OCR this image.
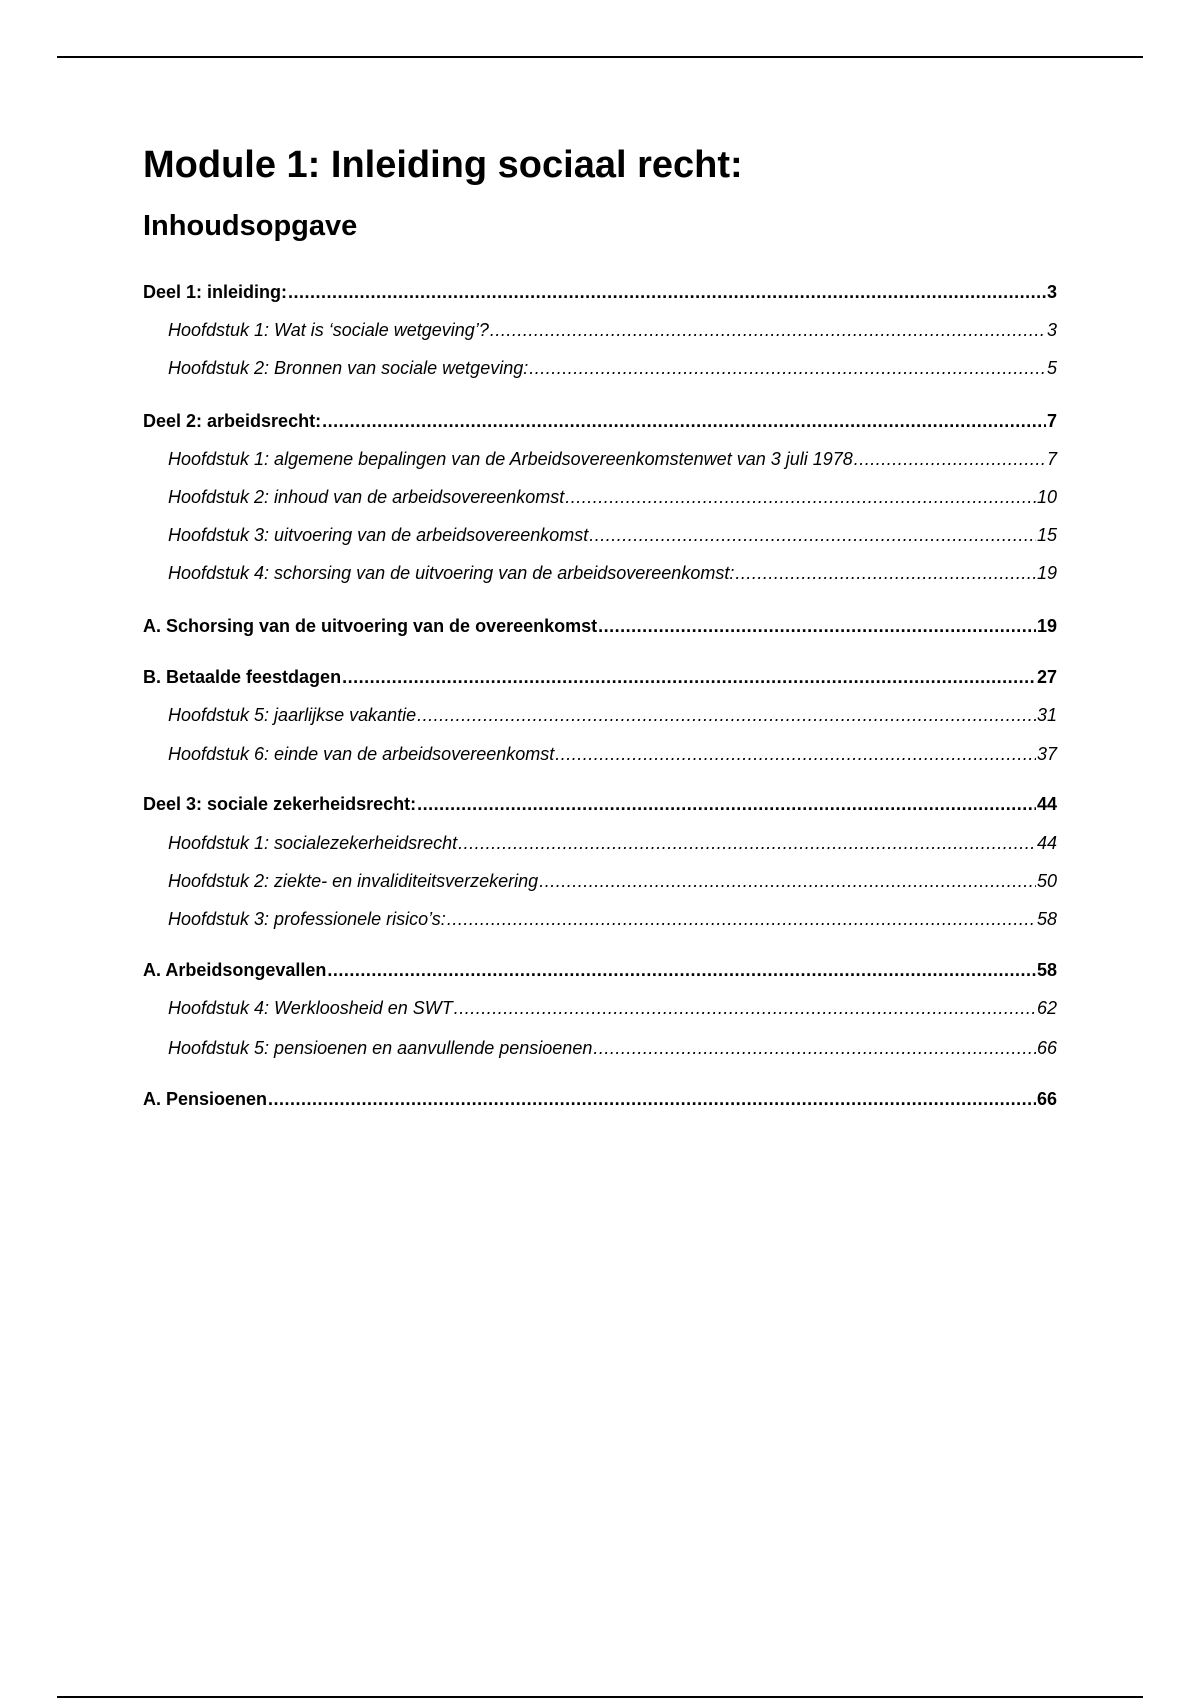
Module 1: Inleiding sociaal recht:
Inhoudsopgave
Deel 1: inleiding: .....	3
Hoofdstuk 1: Wat is ‘sociale wetgeving’? .....	3
Hoofdstuk 2: Bronnen van sociale wetgeving: .....	5
Deel 2: arbeidsrecht: .....	7
Hoofdstuk 1: algemene bepalingen van de Arbeidsovereenkomstenwet van 3 juli 1978 .....	7
Hoofdstuk 2: inhoud van de arbeidsovereenkomst .....	10
Hoofdstuk 3: uitvoering van de arbeidsovereenkomst .....	15
Hoofdstuk 4: schorsing van de uitvoering van de arbeidsovereenkomst: .....	19
A. Schorsing van de uitvoering van de overeenkomst .....	19
B. Betaalde feestdagen .....	27
Hoofdstuk 5: jaarlijkse vakantie .....	31
Hoofdstuk 6: einde van de arbeidsovereenkomst .....	37
Deel 3: sociale zekerheidsrecht: .....	44
Hoofdstuk 1: socialezekerheidsrecht .....	44
Hoofdstuk 2: ziekte- en invaliditeitsverzekering .....	50
Hoofdstuk 3: professionele risico’s: .....	58
A. Arbeidsongevallen .....	58
Hoofdstuk 4: Werkloosheid en SWT .....	62
Hoofdstuk 5: pensioenen en aanvullende pensioenen .....	66
A. Pensioenen .....	66
